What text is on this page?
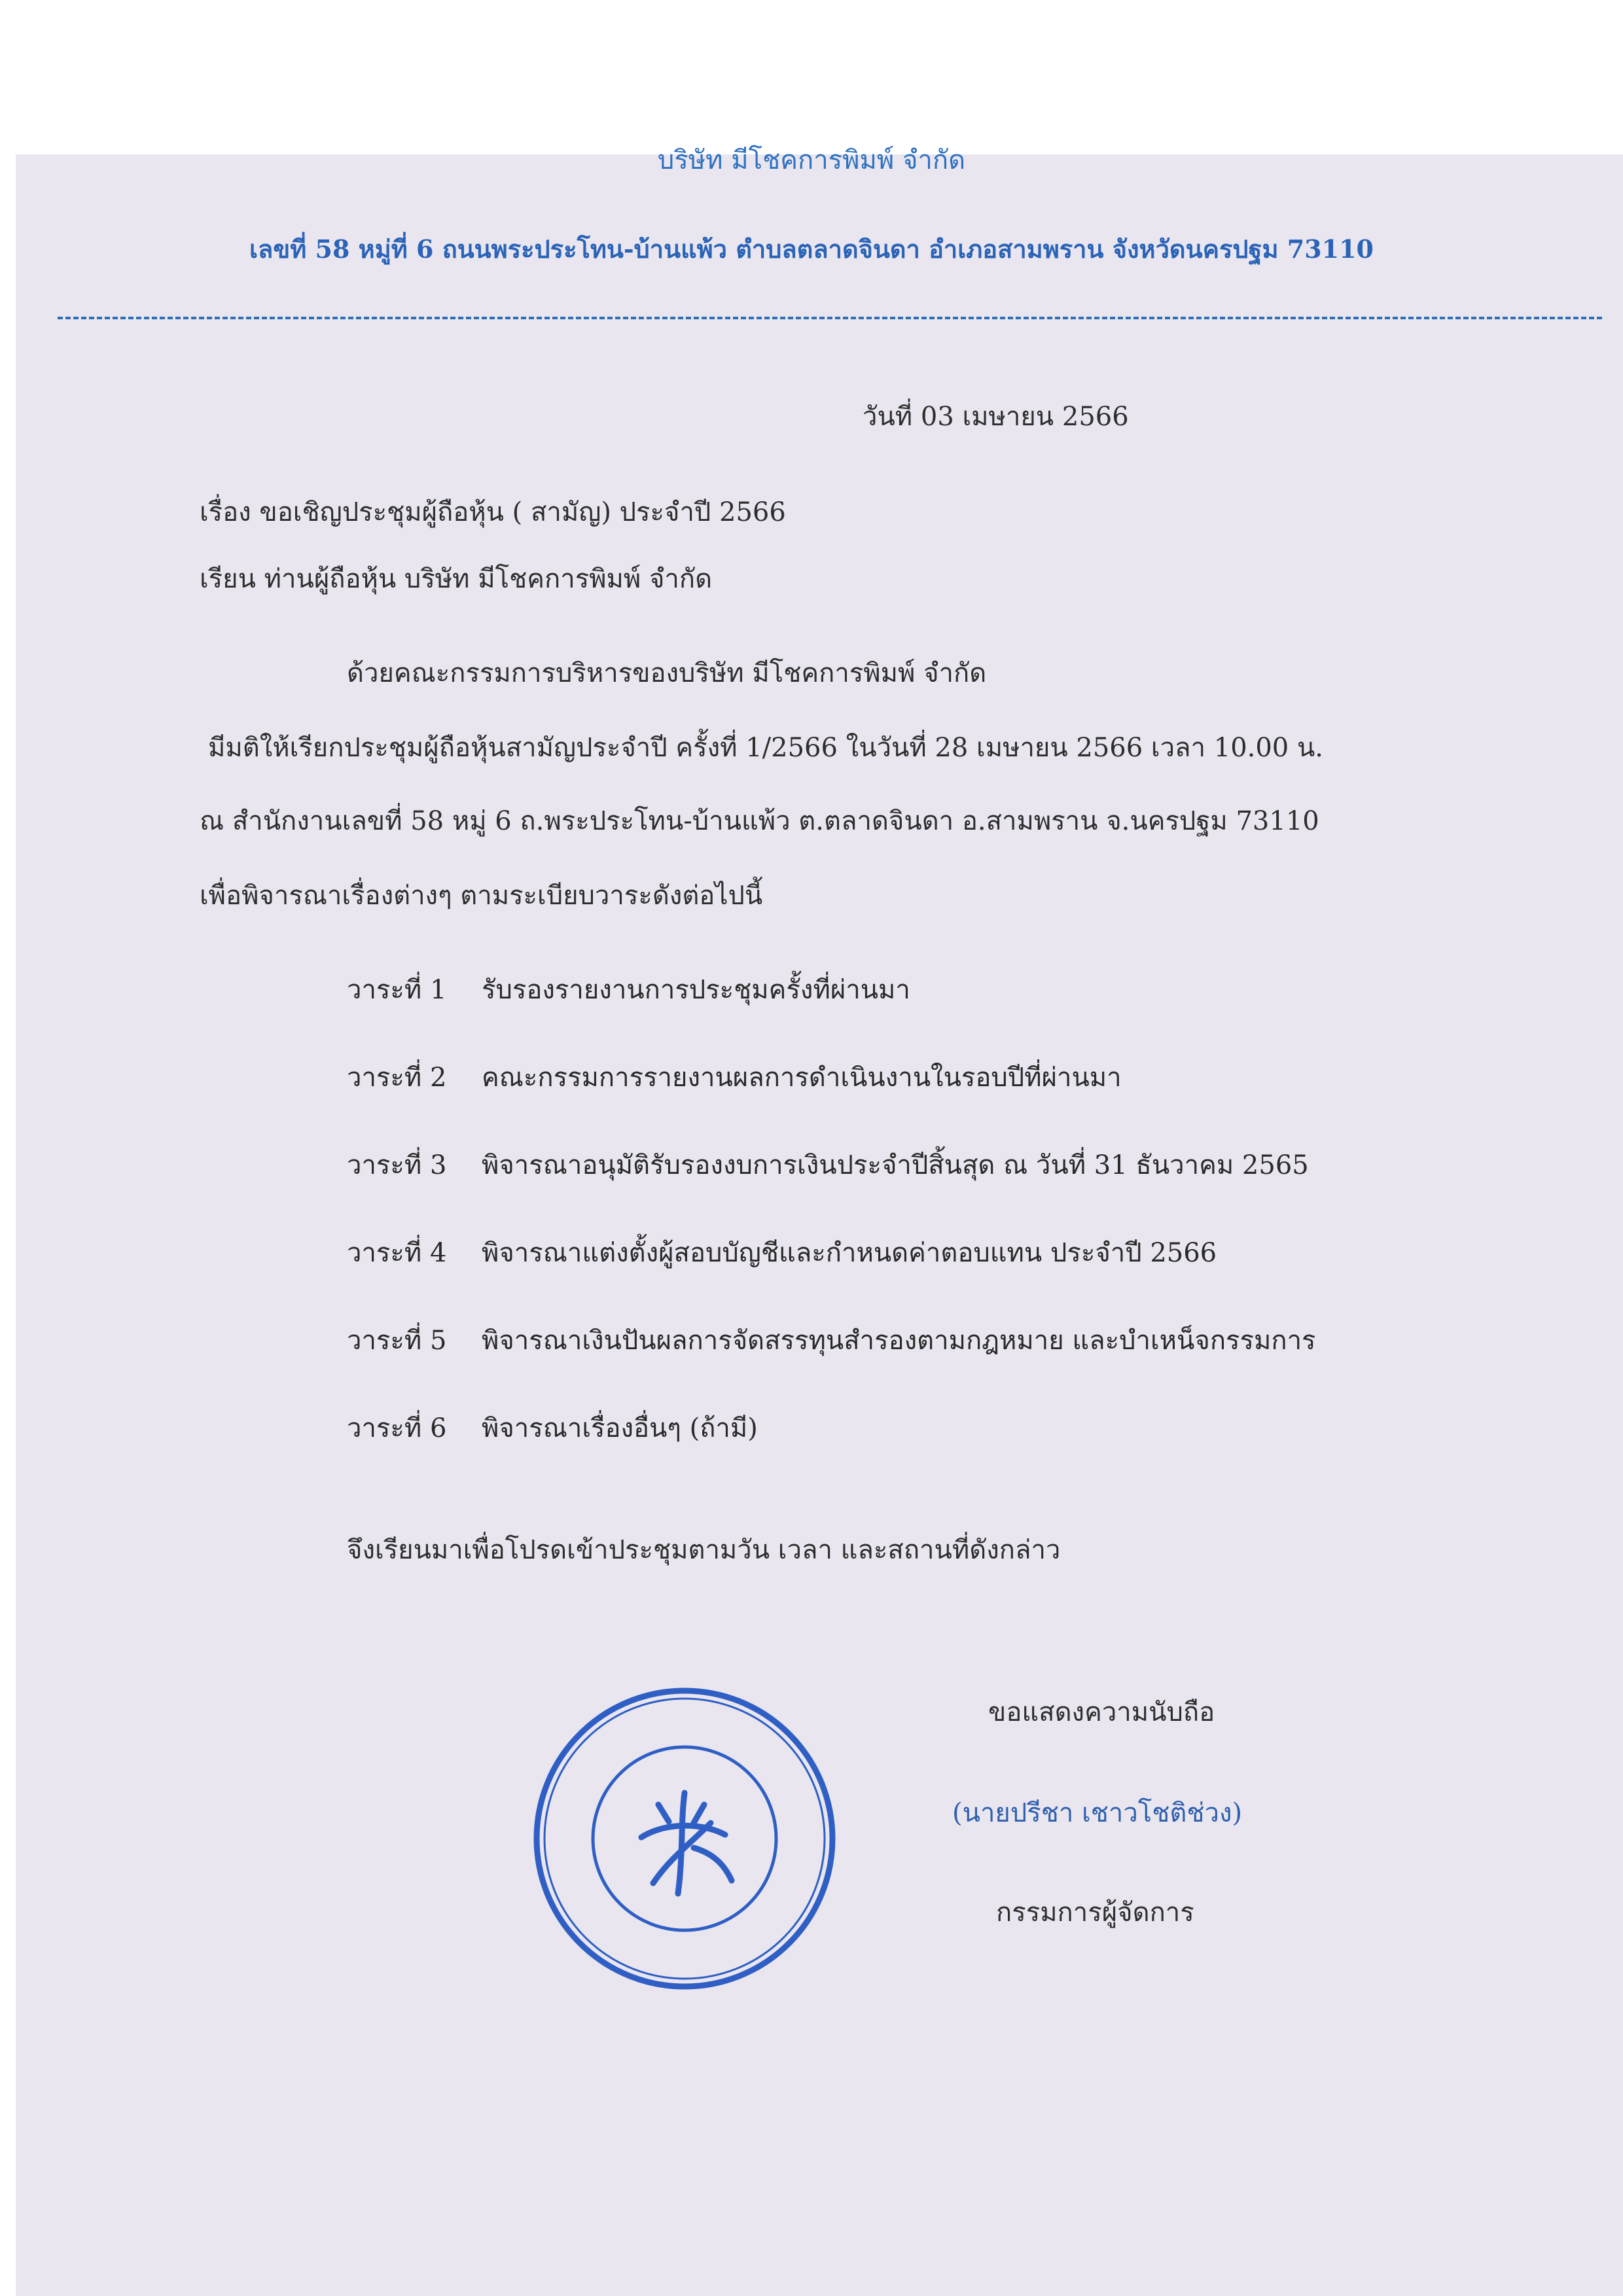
บริษัท มีโชคการพิมพ์ จำกัด
เลขที่ 58 หมู่ที่ 6 ถนนพระประโทน-บ้านแพ้ว ตำบลตลาดจินดา อำเภอสามพราน จังหวัดนครปฐม 73110
วันที่ 03 เมษายน 2566
เรื่อง ขอเชิญประชุมผู้ถือหุ้น ( สามัญ) ประจำปี 2566
เรียน ท่านผู้ถือหุ้น บริษัท มีโชคการพิมพ์ จำกัด
ด้วยคณะกรรมการบริหารของบริษัท มีโชคการพิมพ์ จำกัด
มีมติให้เรียกประชุมผู้ถือหุ้นสามัญประจำปี ครั้งที่ 1/2566 ในวันที่ 28 เมษายน 2566 เวลา 10.00 น.
ณ สำนักงานเลขที่ 58 หมู่ 6 ถ.พระประโทน-บ้านแพ้ว ต.ตลาดจินดา อ.สามพราน จ.นครปฐม 73110
เพื่อพิจารณาเรื่องต่างๆ ตามระเบียบวาระดังต่อไปนี้
วาระที่ 1 รับรองรายงานการประชุมครั้งที่ผ่านมา
วาระที่ 2 คณะกรรมการรายงานผลการดำเนินงานในรอบปีที่ผ่านมา
วาระที่ 3 พิจารณาอนุมัติรับรองงบการเงินประจำปีสิ้นสุด ณ วันที่ 31 ธันวาคม 2565
วาระที่ 4 พิจารณาแต่งตั้งผู้สอบบัญชีและกำหนดค่าตอบแทน ประจำปี 2566
วาระที่ 5 พิจารณาเงินปันผลการจัดสรรทุนสำรองตามกฎหมาย และบำเหน็จกรรมการ
วาระที่ 6 พิจารณาเรื่องอื่นๆ (ถ้ามี)
จึงเรียนมาเพื่อโปรดเข้าประชุมตามวัน เวลา และสถานที่ดังกล่าว
ขอแสดงความนับถือ
(นายปรีชา เชาวโชติช่วง)
กรรมการผู้จัดการ
